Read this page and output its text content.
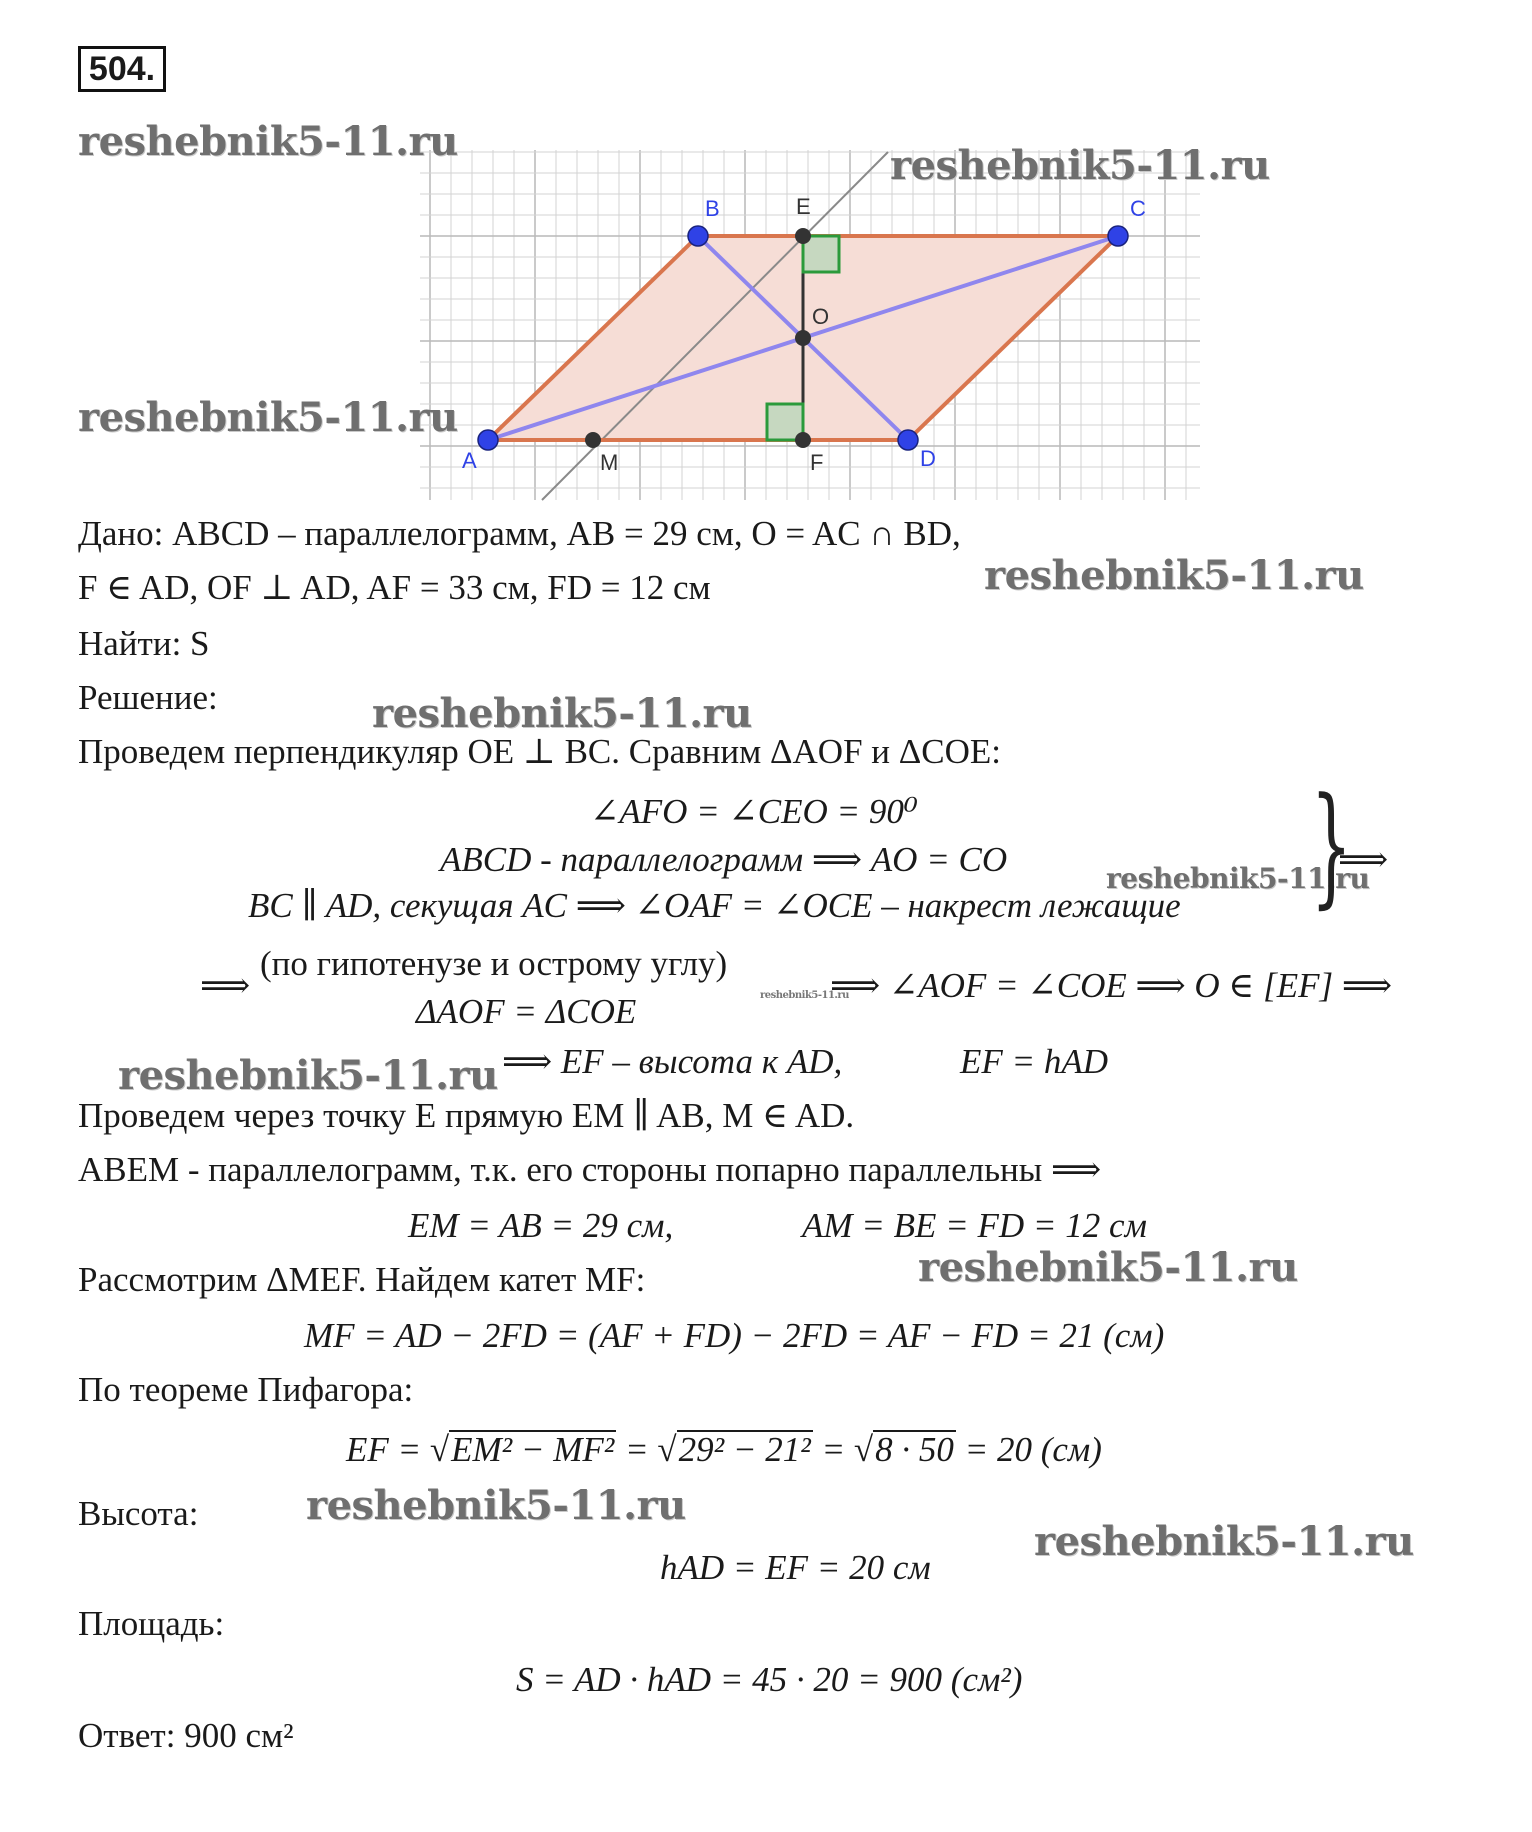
504.
A
B	C
D
E
O
F
M
reshebnik5-11.ru
reshebnik5-11.ru
reshebnik5-11.ru
reshebnik5-11.ru
reshebnik5-11.ru
reshebnik5-11.ru
reshebnik5-11.ru
reshebnik5-11.ru
reshebnik5-11.ru
reshebnik5-11.ru
reshebnik5-11.ru
Дано: ABCD – параллелограмм, AB = 29 см, O = AC ∩ BD,
F ∈ AD, OF ⊥ AD, AF = 33 см, FD = 12 см
Найти: S
Решение:
Проведем перпендикуляр OE ⊥ BC. Сравним ΔAOF и ΔCOE:
∠AFO = ∠CEO = 90⁰
ABCD - параллелограмм ⟹ AO = CO
BC ∥ AD, секущая AC ⟹ ∠OAF = ∠OCE – накрест лежащие }
⟹
⟹
(по гипотенузе и острому углу)
ΔAOF = ΔCOE
⟹ ∠AOF = ∠COE ⟹ O ∈ [EF] ⟹
⟹ EF – высота к AD,	EF = hAD
Проведем через точку E прямую EM ∥ AB, M ∈ AD.
ABEM - параллелограмм, т.к. его стороны попарно параллельны ⟹
EM = AB = 29 см,	AM = BE = FD = 12 см
Рассмотрим ΔMEF. Найдем катет MF:
MF = AD − 2FD = (AF + FD) − 2FD = AF − FD = 21 (см)
По теореме Пифагора:
EF = √EM² − MF² = √29² − 21² = √8 · 50 = 20 (см)
Высота:
hAD = EF = 20 см
Площадь:
S = AD · hAD = 45 · 20 = 900 (см²)
Ответ: 900 см²
